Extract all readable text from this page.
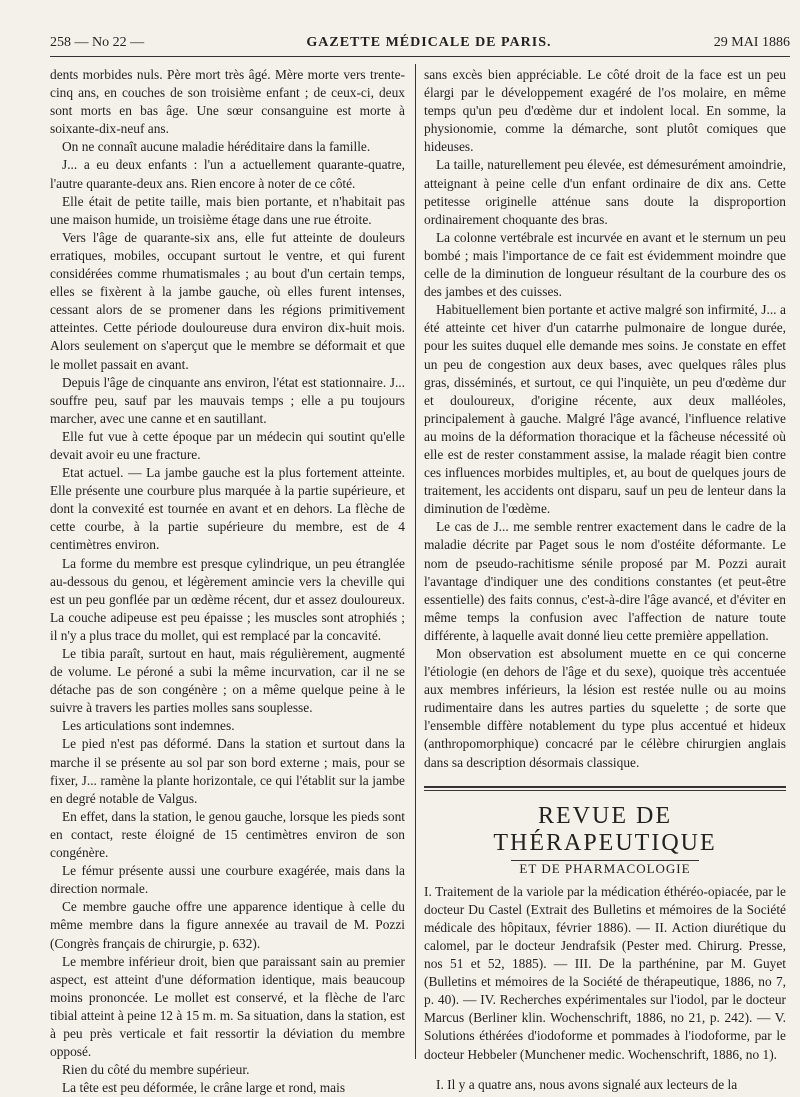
258 — No 22 —	GAZETTE MÉDICALE DE PARIS.	29 MAI 1886

dents morbides nuls. Père mort très âgé. Mère morte vers trente-cinq ans, en couches de son troisième enfant ; de ceux-ci, deux sont morts en bas âge. Une sœur consanguine est morte à soixante-dix-neuf ans.

On ne connaît aucune maladie héréditaire dans la famille.

J... a eu deux enfants : l'un a actuellement quarante-quatre, l'autre quarante-deux ans. Rien encore à noter de ce côté.

Elle était de petite taille, mais bien portante, et n'habitait pas une maison humide, un troisième étage dans une rue étroite.

Vers l'âge de quarante-six ans, elle fut atteinte de douleurs erratiques, mobiles, occupant surtout le ventre, et qui furent considérées comme rhumatismales ; au bout d'un certain temps, elles se fixèrent à la jambe gauche, où elles furent intenses, cessant alors de se promener dans les régions primitivement atteintes. Cette période douloureuse dura environ dix-huit mois. Alors seulement on s'aperçut que le membre se déformait et que le mollet passait en avant.

Depuis l'âge de cinquante ans environ, l'état est stationnaire. J... souffre peu, sauf par les mauvais temps ; elle a pu toujours marcher, avec une canne et en sautillant.

Elle fut vue à cette époque par un médecin qui soutint qu'elle devait avoir eu une fracture.

Etat actuel. — La jambe gauche est la plus fortement atteinte. Elle présente une courbure plus marquée à la partie supérieure, et dont la convexité est tournée en avant et en dehors. La flèche de cette courbe, à la partie supérieure du membre, est de 4 centimètres environ.

La forme du membre est presque cylindrique, un peu étranglée au-dessous du genou, et légèrement amincie vers la cheville qui est un peu gonflée par un œdème récent, dur et assez douloureux. La couche adipeuse est peu épaisse ; les muscles sont atrophiés ; il n'y a plus trace du mollet, qui est remplacé par la concavité.

Le tibia paraît, surtout en haut, mais régulièrement, augmenté de volume. Le péroné a subi la même incurvation, car il ne se détache pas de son congénère ; on a même quelque peine à le suivre à travers les parties molles sans souplesse.

Les articulations sont indemnes.

Le pied n'est pas déformé. Dans la station et surtout dans la marche il se présente au sol par son bord externe ; mais, pour se fixer, J... ramène la plante horizontale, ce qui l'établit sur la jambe en degré notable de Valgus.

En effet, dans la station, le genou gauche, lorsque les pieds sont en contact, reste éloigné de 15 centimètres environ de son congénère.

Le fémur présente aussi une courbure exagérée, mais dans la direction normale.

Ce membre gauche offre une apparence identique à celle du même membre dans la figure annexée au travail de M. Pozzi (Congrès français de chirurgie, p. 632).

Le membre inférieur droit, bien que paraissant sain au premier aspect, est atteint d'une déformation identique, mais beaucoup moins prononcée. Le mollet est conservé, et la flèche de l'arc tibial atteint à peine 12 à 15 m. m. Sa situation, dans la station, est à peu près verticale et fait ressortir la déviation du membre opposé.

Rien du côté du membre supérieur.

La tête est peu déformée, le crâne large et rond, mais

sans excès bien appréciable. Le côté droit de la face est un peu élargi par le développement exagéré de l'os molaire, en même temps qu'un peu d'œdème dur et indolent local. En somme, la physionomie, comme la démarche, sont plutôt comiques que hideuses.

La taille, naturellement peu élevée, est démesurément amoindrie, atteignant à peine celle d'un enfant ordinaire de dix ans. Cette petitesse originelle atténue sans doute la disproportion ordinairement choquante des bras.

La colonne vertébrale est incurvée en avant et le sternum un peu bombé ; mais l'importance de ce fait est évidemment moindre que celle de la diminution de longueur résultant de la courbure des os des jambes et des cuisses.

Habituellement bien portante et active malgré son infirmité, J... a été atteinte cet hiver d'un catarrhe pulmonaire de longue durée, pour les suites duquel elle demande mes soins. Je constate en effet un peu de congestion aux deux bases, avec quelques râles plus gras, disséminés, et surtout, ce qui l'inquiète, un peu d'œdème dur et douloureux, d'origine récente, aux deux malléoles, principalement à gauche. Malgré l'âge avancé, l'influence relative au moins de la déformation thoracique et la fâcheuse nécessité où elle est de rester constamment assise, la malade réagit bien contre ces influences morbides multiples, et, au bout de quelques jours de traitement, les accidents ont disparu, sauf un peu de lenteur dans la diminution de l'œdème.

Le cas de J... me semble rentrer exactement dans le cadre de la maladie décrite par Paget sous le nom d'ostéite déformante. Le nom de pseudo-rachitisme sénile proposé par M. Pozzi aurait l'avantage d'indiquer une des conditions constantes (et peut-être essentielle) des faits connus, c'est-à-dire l'âge avancé, et d'éviter en même temps la confusion avec l'affection de nature toute différente, à laquelle avait donné lieu cette première appellation.

Mon observation est absolument muette en ce qui concerne l'étiologie (en dehors de l'âge et du sexe), quoique très accentuée aux membres inférieurs, la lésion est restée nulle ou au moins rudimentaire dans les autres parties du squelette ; de sorte que l'ensemble diffère notablement du type plus accentué et hideux (anthropomorphique) concacré par le célèbre chirurgien anglais dans sa description désormais classique.

REVUE DE THÉRAPEUTIQUE
ET DE PHARMACOLOGIE

I. Traitement de la variole par la médication éthéréo-opiacée, par le docteur Du Castel (Extrait des Bulletins et mémoires de la Société médicale des hôpitaux, février 1886). — II. Action diurétique du calomel, par le docteur Jendrafsik (Pester med. Chirurg. Presse, nos 51 et 52, 1885). — III. De la parthénine, par M. Guyet (Bulletins et mémoires de la Société de thérapeutique, 1886, no 7, p. 40). — IV. Recherches expérimentales sur l'iodol, par le docteur Marcus (Berliner klin. Wochenschrift, 1886, no 21, p. 242). — V. Solutions éthérées d'iodoforme et pommades à l'iodoforme, par le docteur Hebbeler (Munchener medic. Wochenschrift, 1886, no 1).

I. Il y a quatre ans, nous avons signalé aux lecteurs de la
